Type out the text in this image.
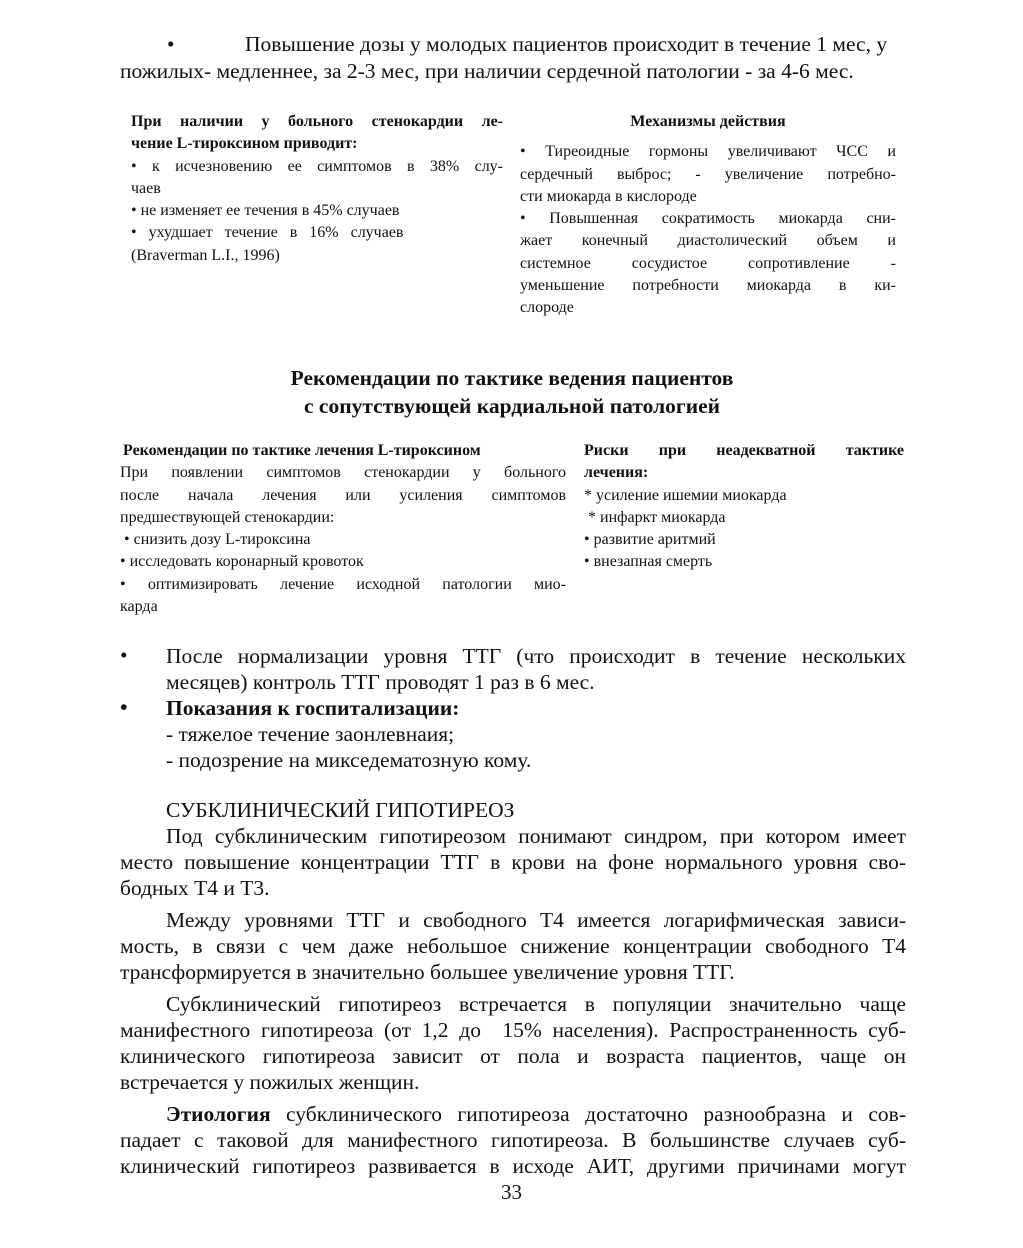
•	Повышение дозы у молодых пациентов происходит в течение 1 мес, у
пожилых- медленнее, за 2-3 мес, при наличии сердечной патологии - за 4-6 мес.
При наличии у больного стенокардии ле-
чение L-тироксином приводит:
• к исчезновению ее симптомов в 38% слу-
чаев
• не изменяет ее течения в 45% случаев
•   ухудшает   течение   в   16%   случаев
(Braverman L.I., 1996)
Механизмы действия
• Тиреоидные гормоны увеличивают ЧСС и
сердечный выброс; - увеличение потребно-
сти миокарда в кислороде
• Повышенная сократимость миокарда сни-
жает конечный диастолический объем и
системное сосудистое сопротивление -
уменьшение потребности миокарда в ки-
слороде
Рекомендации по тактике ведения пациентов
с сопутствующей кардиальной патологией
Рекомендации по тактике лечения L-тироксином
При появлении симптомов стенокардии у больного
после начала лечения или усиления симптомов
предшествующей стенокардии:
• снизить дозу L-тироксина
• исследовать коронарный кровоток
• оптимизировать лечение исходной патологии мио-
карда
Риски при неадекватной тактике
лечения:
* усиление ишемии миокарда
* инфаркт миокарда
• развитие аритмий
• внезапная смерть
• После нормализации уровня ТТГ (что происходит в течение нескольких
месяцев) контроль ТТГ проводят 1 раз в 6 мес.
• Показания к госпитализации:
- тяжелое течение заонлевнаия;
- подозрение на микседематозную кому.
СУБКЛИНИЧЕСКИЙ ГИПОТИРЕОЗ
Под субклиническим гипотиреозом понимают синдром, при котором имеет
место повышение концентрации ТТГ в крови на фоне нормального уровня сво-
бодных Т4 и Т3.
Между уровнями ТТГ и свободного Т4 имеется логарифмическая зависи-
мость, в связи с чем даже небольшое снижение концентрации свободного Т4
трансформируется в значительно большее увеличение уровня ТТГ.
Субклинический гипотиреоз встречается в популяции значительно чаще
манифестного гипотиреоза (от 1,2 до  15% населения). Распространенность суб-
клинического гипотиреоза зависит от пола и возраста пациентов, чаще он
встречается у пожилых женщин.
Этиология субклинического гипотиреоза достаточно разнообразна и сов-
падает с таковой для манифестного гипотиреоза. В большинстве случаев суб-
клинический гипотиреоз развивается в исходе АИТ, другими причинами могут
33
